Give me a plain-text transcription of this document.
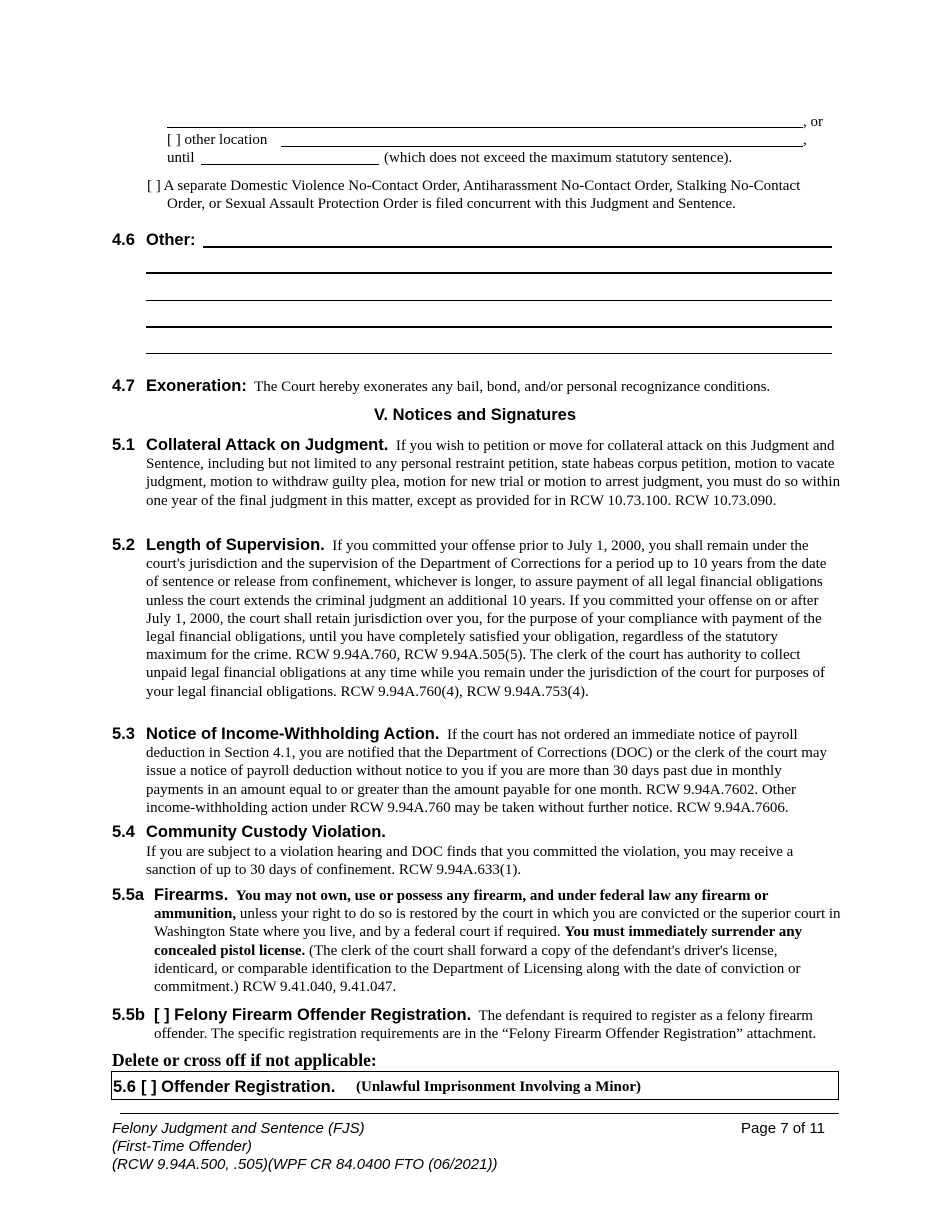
, or
[ ] other location	,
until	(which does not exceed the maximum statutory sentence).
[ ] A separate Domestic Violence No-Contact Order, Antiharassment No-Contact Order, Stalking No-Contact Order, or Sexual Assault Protection Order is filed concurrent with this Judgment and Sentence.
4.6 Other:
4.7 Exoneration: The Court hereby exonerates any bail, bond, and/or personal recognizance conditions.
V. Notices and Signatures
5.1 Collateral Attack on Judgment. If you wish to petition or move for collateral attack on this Judgment and Sentence, including but not limited to any personal restraint petition, state habeas corpus petition, motion to vacate judgment, motion to withdraw guilty plea, motion for new trial or motion to arrest judgment, you must do so within one year of the final judgment in this matter, except as provided for in RCW 10.73.100. RCW 10.73.090.
5.2 Length of Supervision. If you committed your offense prior to July 1, 2000, you shall remain under the court's jurisdiction and the supervision of the Department of Corrections for a period up to 10 years from the date of sentence or release from confinement, whichever is longer, to assure payment of all legal financial obligations unless the court extends the criminal judgment an additional 10 years. If you committed your offense on or after July 1, 2000, the court shall retain jurisdiction over you, for the purpose of your compliance with payment of the legal financial obligations, until you have completely satisfied your obligation, regardless of the statutory maximum for the crime. RCW 9.94A.760, RCW 9.94A.505(5). The clerk of the court has authority to collect unpaid legal financial obligations at any time while you remain under the jurisdiction of the court for purposes of your legal financial obligations. RCW 9.94A.760(4), RCW 9.94A.753(4).
5.3 Notice of Income-Withholding Action. If the court has not ordered an immediate notice of payroll deduction in Section 4.1, you are notified that the Department of Corrections (DOC) or the clerk of the court may issue a notice of payroll deduction without notice to you if you are more than 30 days past due in monthly payments in an amount equal to or greater than the amount payable for one month. RCW 9.94A.7602. Other income-withholding action under RCW 9.94A.760 may be taken without further notice. RCW 9.94A.7606.
5.4 Community Custody Violation.
If you are subject to a violation hearing and DOC finds that you committed the violation, you may receive a sanction of up to 30 days of confinement. RCW 9.94A.633(1).
5.5a Firearms. You may not own, use or possess any firearm, and under federal law any firearm or ammunition, unless your right to do so is restored by the court in which you are convicted or the superior court in Washington State where you live, and by a federal court if required. You must immediately surrender any concealed pistol license. (The clerk of the court shall forward a copy of the defendant's driver's license, identicard, or comparable identification to the Department of Licensing along with the date of conviction or commitment.) RCW 9.41.040, 9.41.047.
5.5b [ ] Felony Firearm Offender Registration. The defendant is required to register as a felony firearm offender. The specific registration requirements are in the “Felony Firearm Offender Registration” attachment.
Delete or cross off if not applicable:
5.6 [ ] Offender Registration. (Unlawful Imprisonment Involving a Minor)
Felony Judgment and Sentence (FJS)
(First-Time Offender)
(RCW 9.94A.500, .505)(WPF CR 84.0400 FTO (06/2021))
Page 7 of 11
